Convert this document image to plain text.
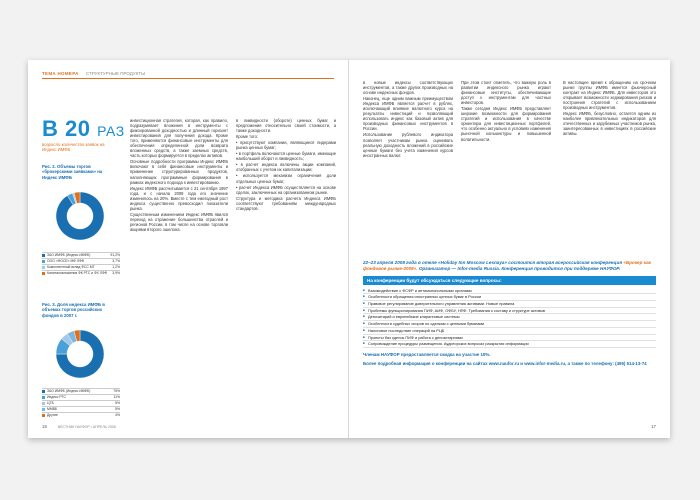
ТЕМА НОМЕРА СТРУКТУРНЫЕ ПРОДУКТЫ
В 20 РАЗ
возросло количество заявок на Индекс ИМФБ
Рис. 2. Объемы торгов «брокерскими заявками» на Индекс ИМФБ
ЗАО ИМФБ (Индекс ИМФБ)	91,2%
ООО «ФОСЕ» МФ ЛФФ	3,7%
Компонентный вклад ФСС МТ	1,2%
Капиталовложения ФК РТС и ФХ ЛФФ	3,9%
Рис. 3. Доля индекса ИМФБ в объемах торгов российских фондов в 2007 г.
ЗАО ИМФБ (Индекс ИМФБ)	75%
Индекс РТС	11%
ЦТБ	5%
ММВБ	5%
Другие	4%

инвестиционная стратегия, которая, как правило, подразумевает вложения в инструменты с фиксированной доходностью и длинный горизонт инвестирования для получения дохода. Кроме того, применяются финансовые инструменты для обеспечения определенной доли возврата вложенных средств, а также заемных средств, часть которых формируется в пределах активов.

Основные подробности программы Индекс ИМФБ включают в себя финансовые инструменты и применение структурированных продуктов, наполняющих программные формирования в рамках индексного подхода к инвестированию.

Индекс ИМФБ рассчитывается с 21 сентября 1997 года, и с начала 2008 года его значение изменилось на 20%. Вместе с тем ежегодный рост индекса существенно превосходил показатели рынка.

Существенным изменением Индекс ИМФБ явился переход на отражение большинства отраслей и регионов России, в том числе на основе торговли акциями второго эшелона.

в ликвидности (обороте) ценных бумаг и предложения относительно своей стоимости, а также доходности.

Кроме того:

• присутствуют компании, являющиеся лидерами рынка ценных бумаг;

• в портфель включаются ценные бумаги, имеющие наибольший оборот и ликвидность;

• в расчет индекса включены акции компаний, отобранных с учетом их капитализации;

• используется механизм ограничения доли отдельных ценных бумаг;

• расчет Индекса ИМФБ осуществляется на основе сделок, заключенных на организованном рынке.

Структура и методика расчета Индекса ИМФБ соответствуют требованиям международных стандартов.

16	ВЕСТНИК НАУФОР • АПРЕЛЬ 2008

в новые индексы соответствующих инструментов, а также других производных на основе индексных фондов.

Наконец, еще одним важным преимуществом Индекса ИМФБ является расчет в рублях, исключающий влияние валютного курса на результаты инвестиций и позволяющий использовать индекс как базовый актив для производных финансовых инструментов в России.

Использование рублевого индикатора позволяет участникам рынка оценивать реальную доходность вложений в российские ценные бумаги без учета изменения курсов иностранных валют.

При этом стоит отметить, что важную роль в развитии индексного рынка играют финансовые институты, обеспечивающие доступ к инструментам для частных инвесторов.

Также сегодня Индекс ИМФБ представляет широкие возможности для формирования стратегий и использования в качестве ориентира для инвестиционных портфелей, что особенно актуально в условиях изменения рыночной конъюнктуры и повышенной волатильности.

В настоящее время к обращению на срочном рынке группы ИМФБ имеется фьючерсный контракт на Индекс ИМФБ. Для инвесторов это открывает возможности хеджирования рисков и построения стратегий с использованием производных инструментов.

Индекс ИМФБ, безусловно, остается одним из наиболее привлекательных индикаторов для отечественных и зарубежных участников рынка, заинтересованных в инвестициях в российские активы.

22–23 апреля 2008 года в отеле «Holiday Inn Moscow Lesnaya» состоится вторая всероссийская конференция «Брокер как фондовое рынке-2008». Организатор — Infor-media Russia. Конференция проводится при поддержке НАУФОР.
На конференции будут обсуждаться следующие вопросы:
■ Взаимодействие с ФСФР и антимонопольными органами
■ Особенности обращения иностранных ценных бумаг в России
■ Правовое регулирование доверительного управления активами. Новые правила
■ Проблемы функционирования ПИФ, АИФ, ОФБУ, НПФ. Требования к составу и структуре активов
■ Депозитарий и европейские клиринговые системы
■ Особенности судебных споров по сделкам с ценными бумагами
■ Налоговое последствие операций на РЦБ
■ Проекты баз сделок ПИФ и работа с депозитариями
■ Сопровождение процедуры размещения. Аудиторских вопросах раскрытия информации
Членам НАУФОР предоставляется скидка на участие 10%.
Более подробная информация о конференции на сайтах www.naufor.ru и www.infor-media.ru, а также по телефону: (495) 514-13-74
17
